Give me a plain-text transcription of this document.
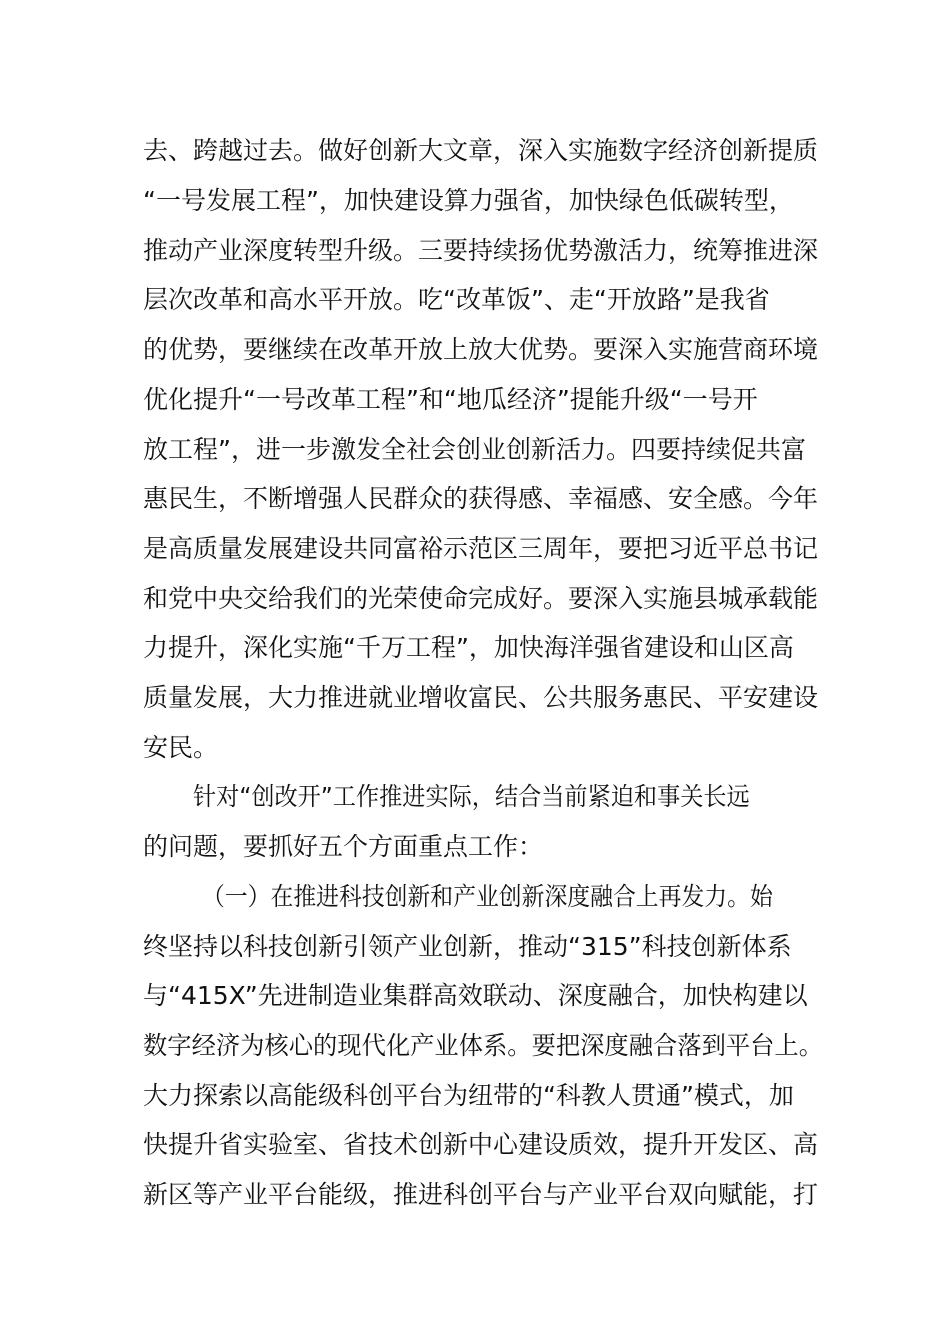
去、跨越过去。做好创新大文章，深入实施数字经济创新提质
“一号发展工程”，加快建设算力强省，加快绿色低碳转型，
推动产业深度转型升级。三要持续扬优势激活力，统筹推进深
层次改革和高水平开放。吃“改革饭”、走“开放路”是我省
的优势，要继续在改革开放上放大优势。要深入实施营商环境
优化提升“一号改革工程”和“地瓜经济”提能升级“一号开
放工程”，进一步激发全社会创业创新活力。四要持续促共富
惠民生，不断增强人民群众的获得感、幸福感、安全感。今年
是高质量发展建设共同富裕示范区三周年，要把习近平总书记
和党中央交给我们的光荣使命完成好。要深入实施县城承载能
力提升，深化实施“千万工程”，加快海洋强省建设和山区高
质量发展，大力推进就业增收富民、公共服务惠民、平安建设
安民。
针对“创改开”工作推进实际，结合当前紧迫和事关长远
的问题，要抓好五个方面重点工作：
（一）在推进科技创新和产业创新深度融合上再发力。始
终坚持以科技创新引领产业创新，推动“315”科技创新体系
与“415X”先进制造业集群高效联动、深度融合，加快构建以
数字经济为核心的现代化产业体系。要把深度融合落到平台上。
大力探索以高能级科创平台为纽带的“科教人贯通”模式，加
快提升省实验室、省技术创新中心建设质效，提升开发区、高
新区等产业平台能级，推进科创平台与产业平台双向赋能，打
